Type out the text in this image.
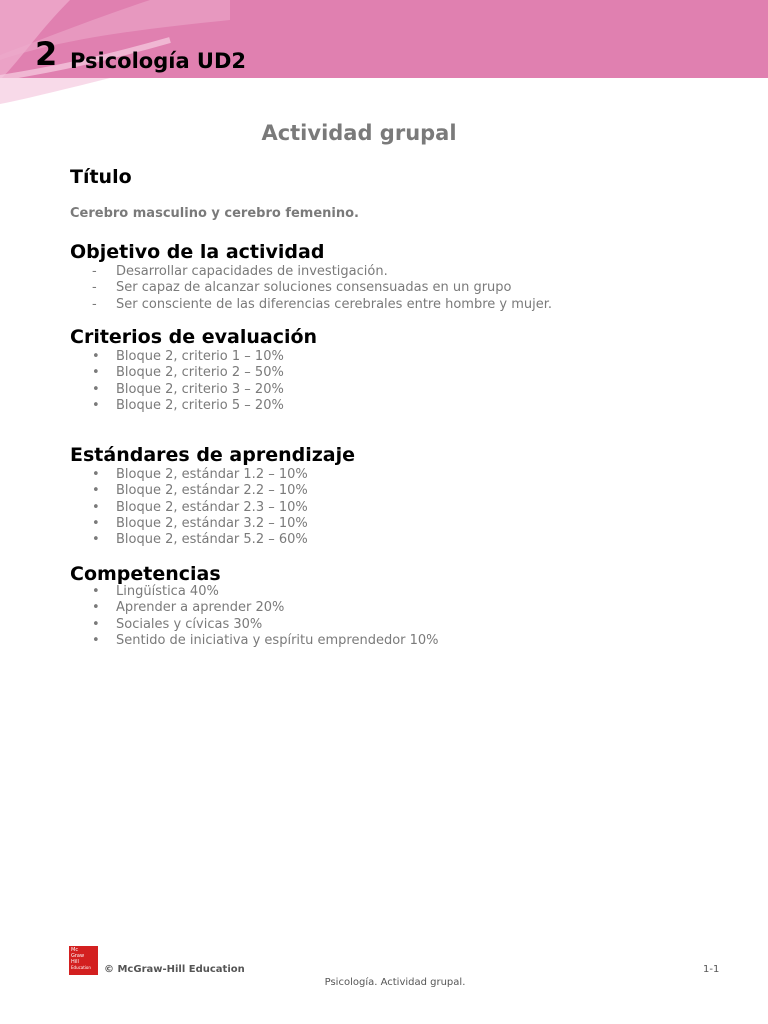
2 Psicología UD2
Actividad grupal
Título
Cerebro masculino y cerebro femenino.
Objetivo de la actividad
- Desarrollar capacidades de investigación.
- Ser capaz de alcanzar soluciones consensuadas en un grupo
- Ser consciente de las diferencias cerebrales entre hombre y mujer.
Criterios de evaluación
• Bloque 2, criterio 1 – 10%
• Bloque 2, criterio 2 – 50%
• Bloque 2, criterio 3 – 20%
• Bloque 2, criterio 5 – 20%
Estándares de aprendizaje
• Bloque 2, estándar 1.2 – 10%
• Bloque 2, estándar 2.2 – 10%
• Bloque 2, estándar 2.3 – 10%
• Bloque 2, estándar 3.2 – 10%
• Bloque 2, estándar 5.2 – 60%
Competencias
• Lingüística 40%
• Aprender a aprender 20%
• Sociales y cívicas 30%
• Sentido de iniciativa y espíritu emprendedor 10%
Mc
Graw
Hill
Education	© McGraw-Hill Education	1-1
Psicología. Actividad grupal.
